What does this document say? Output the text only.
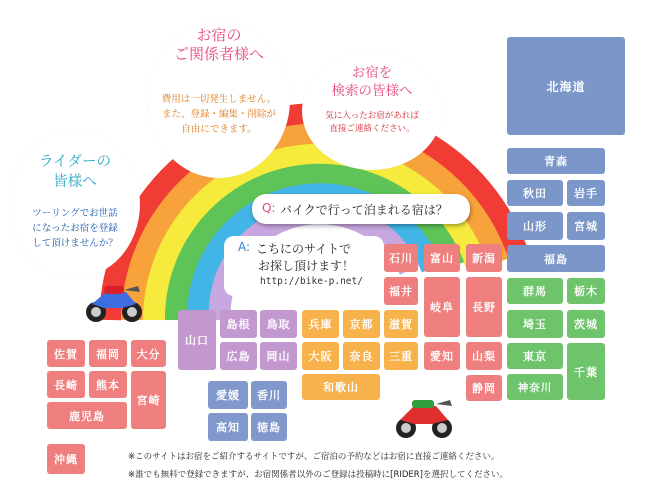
お宿の
ご関係者様へ
費用は一切発生しません。
また、登録・編集・削除が
自由にできます。
お宿を
検索の皆様へ
気に入ったお宿があれば
直接ご連絡ください。
ライダーの
皆様へ
ツーリングでお世話
になったお宿を登録
して頂けませんか？
Q: バイクで行って泊まれる宿は？
A: こちにのサイトで
お探し頂けます！
http://bike-p.net/
北海道
青森
秋田	岩手
山形	宮城
福島
群馬	栃木
埼玉	茨城
東京
千葉
神奈川
石川	富山	新潟
福井
岐阜	長野
愛知	山梨
静岡
滋賀
三重
兵庫	京都
大阪	奈良
和歌山
山口
島根	鳥取
広島	岡山
愛媛	香川
高知	徳島
佐賀	福岡	大分
長崎	熊本
宮崎
鹿児島
沖縄	※このサイトはお宿をご紹介するサイトですが、ご宿泊の予約などはお宿に直接ご連絡ください。
※誰でも無料で登録できますが、お宿関係者以外のご登録は投稿時に[RIDER]を選択してください。
